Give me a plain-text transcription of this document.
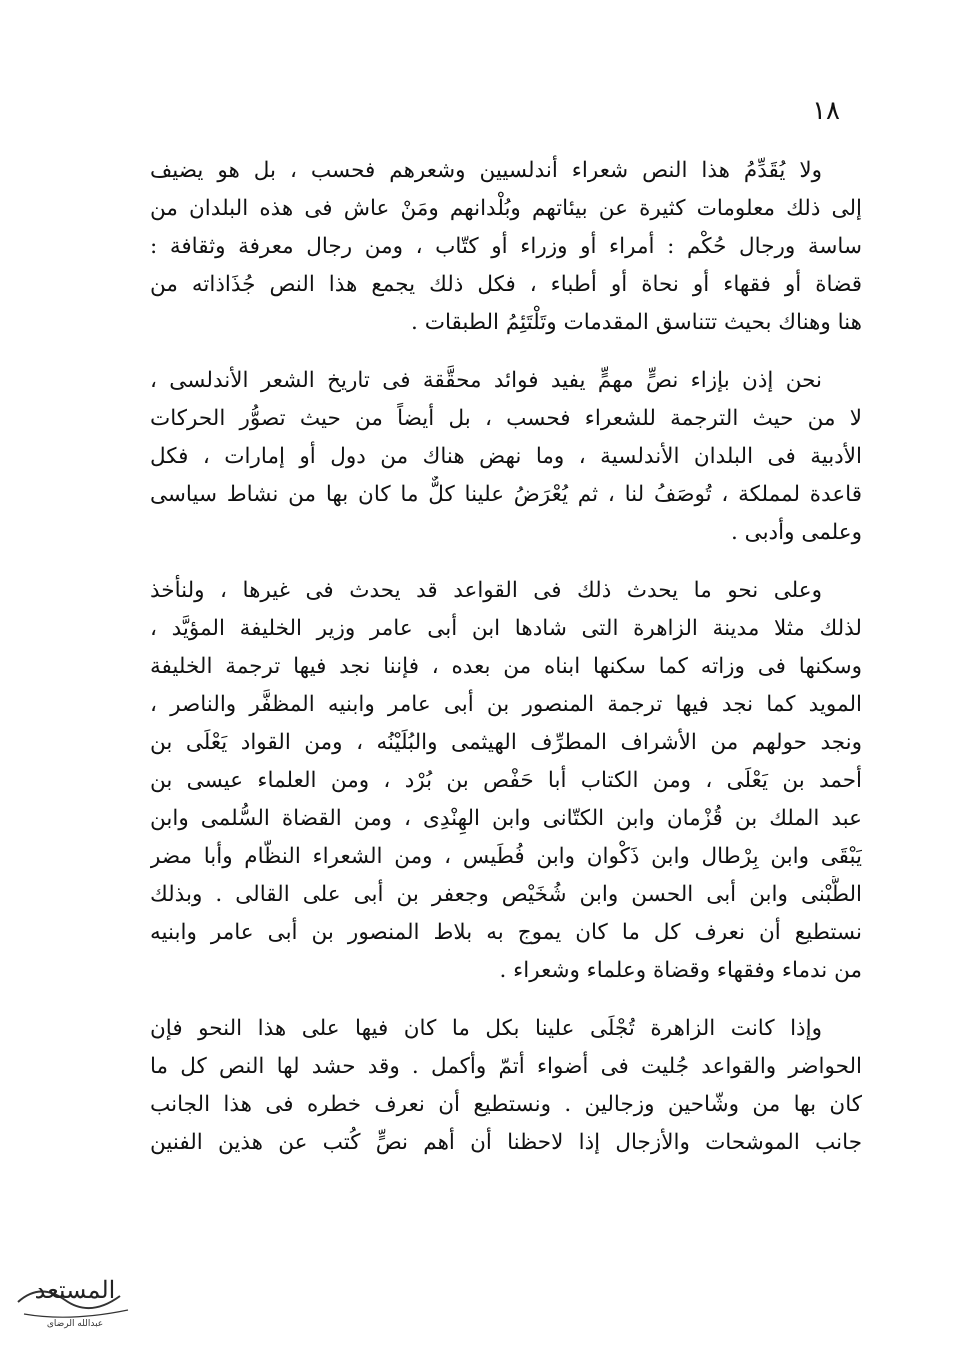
١٨
ولا يُقَدِّمُ هذا النص شعراء أندلسيين وشعرهم فحسب ، بل هو يضيف
إلى ذلك معلومات كثيرة عن بيئاتهم وبُلْدانهم ومَنْ عاش فى هذه البلدان من
ساسة ورجال حُكْم : أمراء أو وزراء أو كتّاب ، ومن رجال معرفة وثقافة :
قضاة أو فقهاء أو نحاة أو أطباء ، فكل ذلك يجمع هذا النص جُذَاذاته من
هنا وهناك بحيث تتناسق المقدمات وتَلْتَئِمُ الطبقات .
نحن إذن بإزاء نصٍّ مهمٍّ يفيد فوائد محقَّقة فى تاريخ الشعر الأندلسى ،
لا من حيث الترجمة للشعراء فحسب ، بل أيضاً من حيث تصوُّر الحركات
الأدبية فى البلدان الأندلسية ، وما نهض هناك من دول أو إمارات ، فكل
قاعدة لمملكة ، تُوصَفُ لنا ، ثم يُعْرَضُ علينا كلٌّ ما كان بها من نشاط سياسى
وعلمى وأدبى .
وعلى نحو ما يحدث ذلك فى القواعد قد يحدث فى غيرها ، ولنأخذ
لذلك مثلا مدينة الزاهرة التى شادها ابن أبى عامر وزير الخليفة المؤيَّد ،
وسكنها فى وزاته كما سكنها ابناه من بعده ، فإننا نجد فيها ترجمة الخليفة
المويد كما نجد فيها ترجمة المنصور بن أبى عامر وابنيه المظفَّر والناصر ،
ونجد حولهم من الأشراف المطرِّف الهيثمى والبُلَيْنُه ، ومن القواد يَعْلَى بن
أحمد بن يَعْلَى ، ومن الكتاب أبا حَفْص بن بُرْد ، ومن العلماء عيسى بن
عبد الملك بن قُزْمان وابن الكتّانى وابن الهِنْدِى ، ومن القضاة السُّلمى وابن
يَبْقَى وابن بِرْطال وابن ذَكْوان وابن فُطَيس ، ومن الشعراء النظّام وأبا مضر
الطُّبْنى وابن أبى الحسن وابن شُخَيْص وجعفر بن أبى على القالى . وبذلك
نستطيع أن نعرف كل ما كان يموج به بلاط المنصور بن أبى عامر وابنيه
من ندماء وفقهاء وقضاة وعلماء وشعراء .
وإذا كانت الزاهرة تُجْلَى علينا بكل ما كان فيها على هذا النحو فإن
الحواضر والقواعد جُليت فى أضواء أتمّ وأكمل . وقد حشد لها النص كل ما
كان بها من وشّاحين وزجالين . ونستطيع أن نعرف خطره فى هذا الجانب
جانب الموشحات والأزجال إذا لاحظنا أن أهم نصٍّ كُتب عن هذين الفنين
المستعد
عبدالله الرضاى
